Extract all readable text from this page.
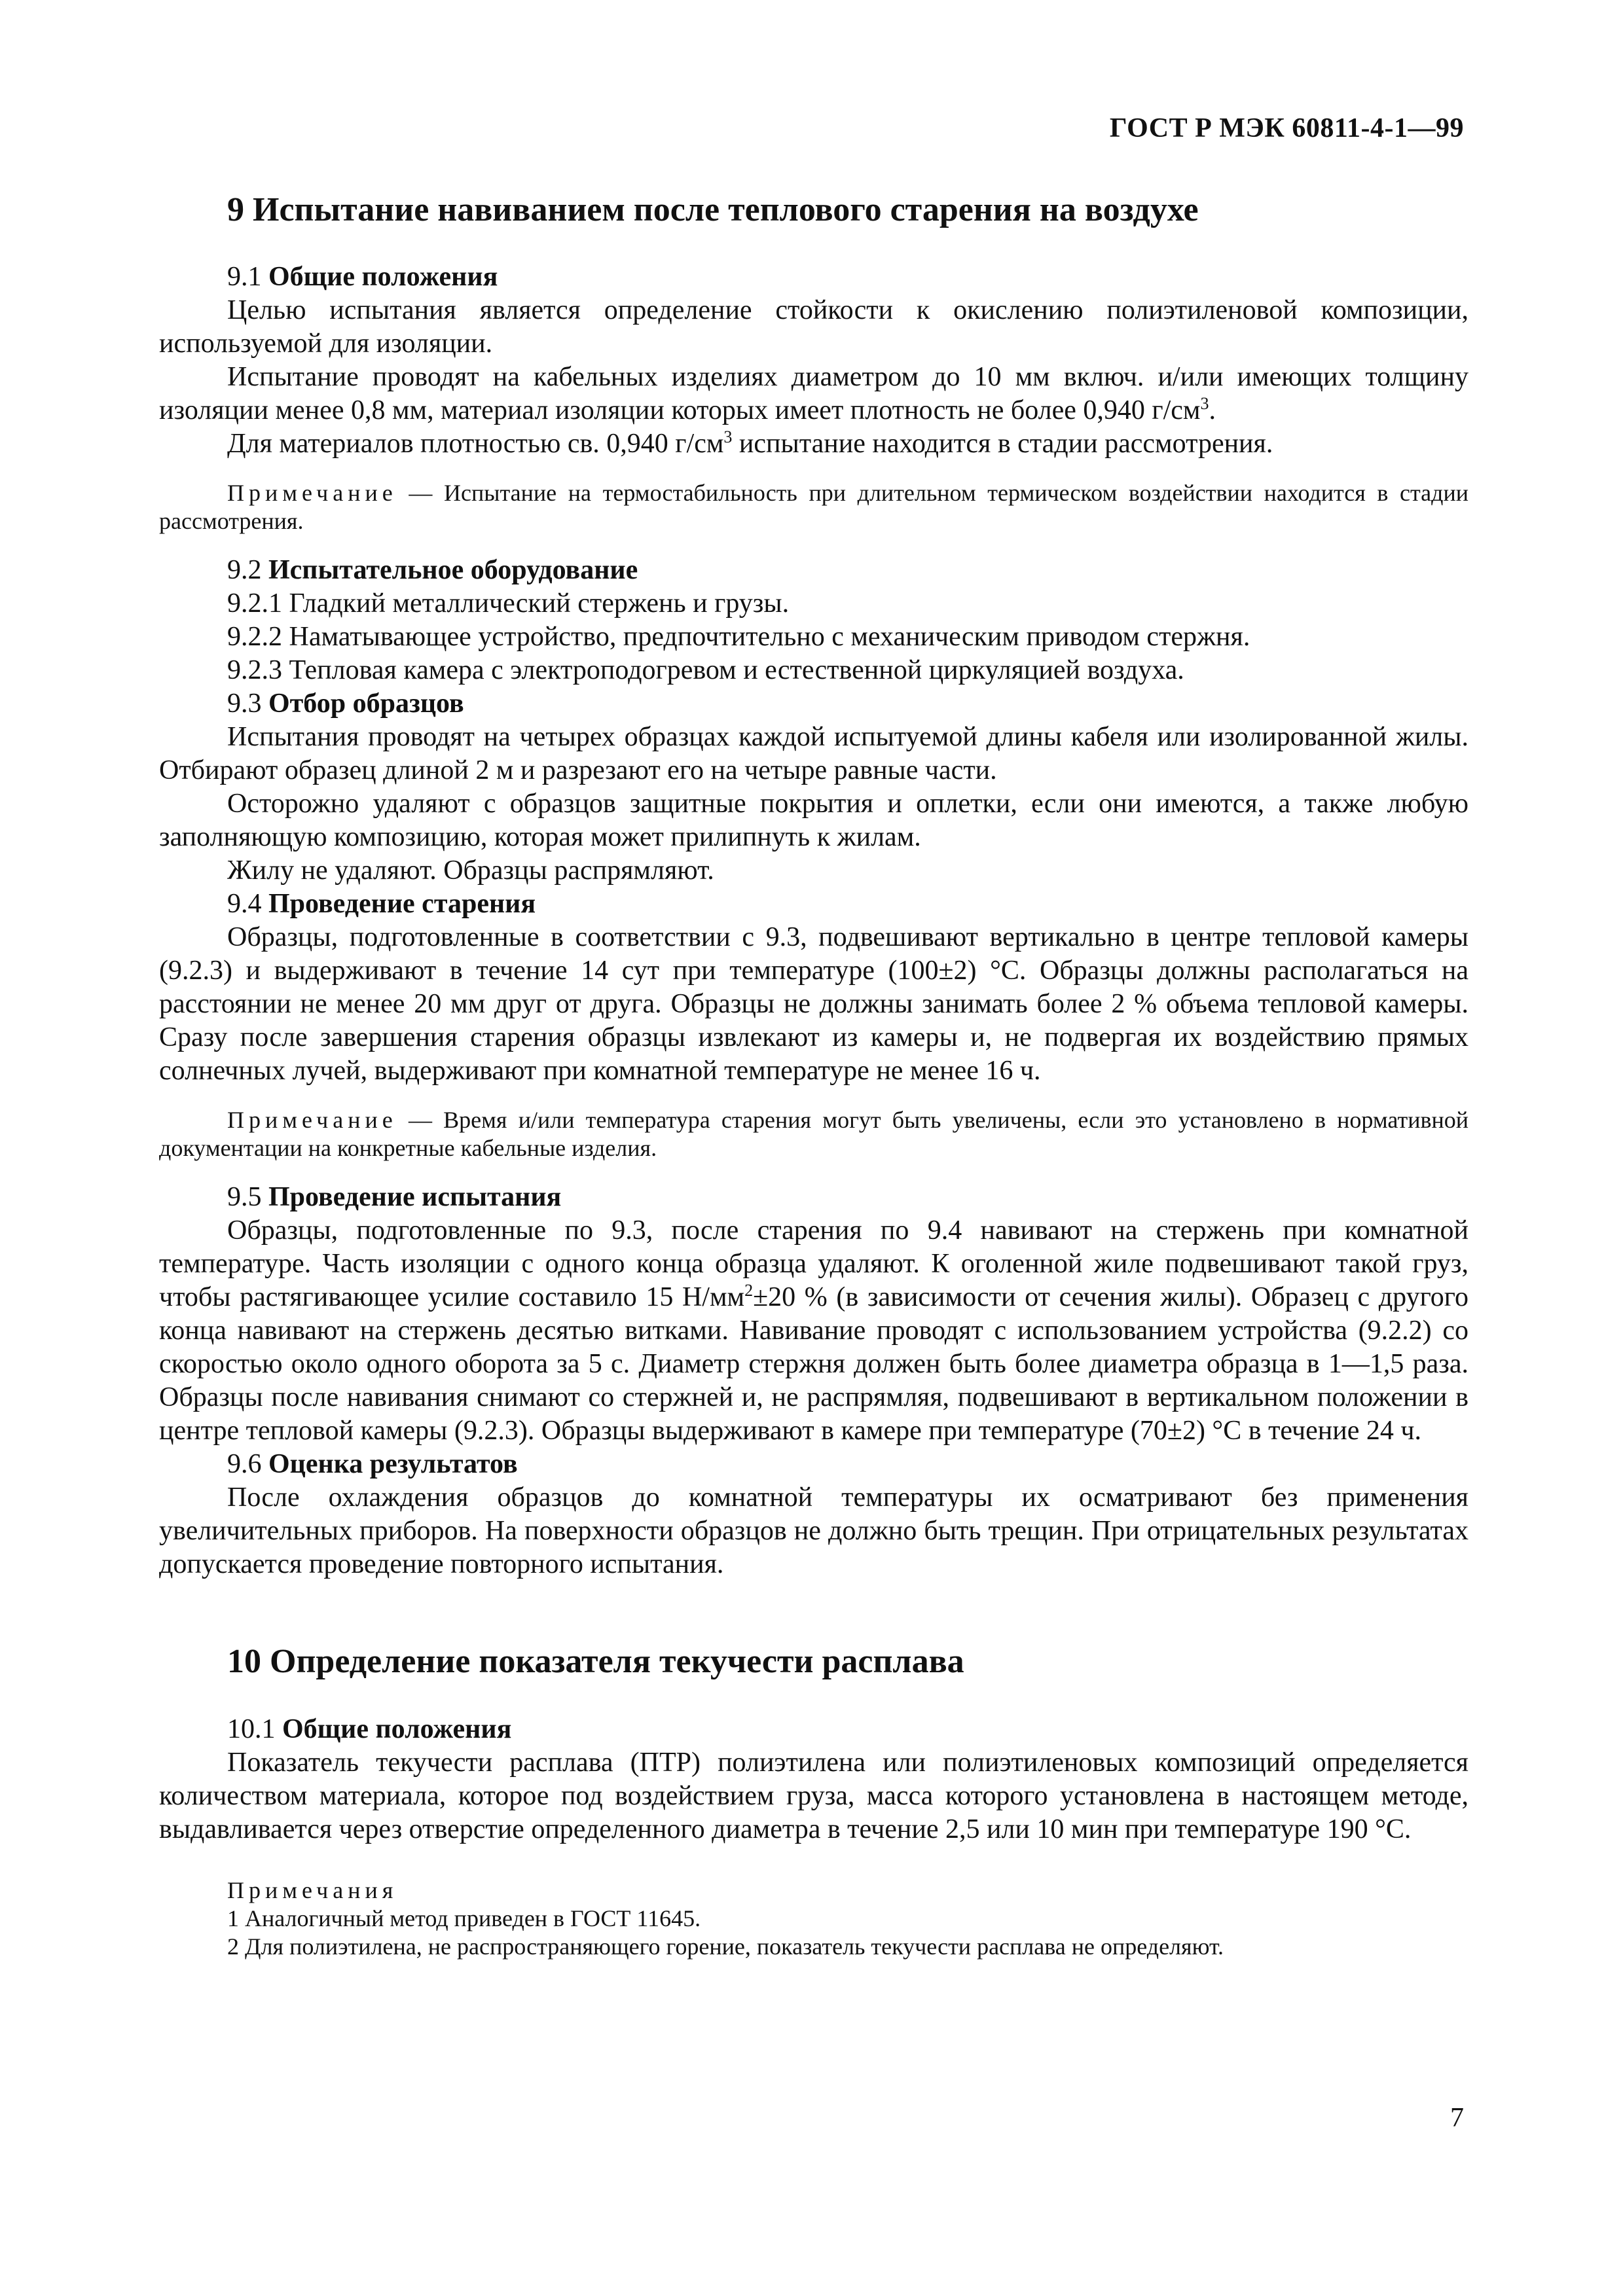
ГОСТ Р МЭК 60811-4-1—99
9 Испытание навиванием после теплового старения на воздухе
9.1 Общие положения

Целью испытания является определение стойкости к окислению полиэтиленовой композиции, используемой для изоляции.

Испытание проводят на кабельных изделиях диаметром до 10 мм включ. и/или имеющих толщину изоляции менее 0,8 мм, материал изоляции которых имеет плотность не более 0,940 $г/см^3$.

Для материалов плотностью св. 0,940 $г/см^3$ испытание находится в стадии рассмотрения.

Примечание — Испытание на термостабильность при длительном термическом воздействии находится в стадии рассмотрения.
9.2 Испытательное оборудование

9.2.1 Гладкий металлический стержень и грузы.

9.2.2 Наматывающее устройство, предпочтительно с механическим приводом стержня.

9.2.3 Тепловая камера с электроподогревом и естественной циркуляцией воздуха.

9.3 Отбор образцов

Испытания проводят на четырех образцах каждой испытуемой длины кабеля или изолированной жилы. Отбирают образец длиной 2 м и разрезают его на четыре равные части.

Осторожно удаляют с образцов защитные покрытия и оплетки, если они имеются, а также любую заполняющую композицию, которая может прилипнуть к жилам.

Жилу не удаляют. Образцы распрямляют.

9.4 Проведение старения

Образцы, подготовленные в соответствии с 9.3, подвешивают вертикально в центре тепловой камеры (9.2.3) и выдерживают в течение 14 сут при температуре (100±2) °С. Образцы должны располагаться на расстоянии не менее 20 мм друг от друга. Образцы не должны занимать более 2 % объема тепловой камеры. Сразу после завершения старения образцы извлекают из камеры и, не подвергая их воздействию прямых солнечных лучей, выдерживают при комнатной температуре не менее 16 ч.

Примечание — Время и/или температура старения могут быть увеличены, если это установлено в нормативной документации на конкретные кабельные изделия.
9.5 Проведение испытания

Образцы, подготовленные по 9.3, после старения по 9.4 навивают на стержень при комнатной температуре. Часть изоляции с одного конца образца удаляют. К оголенной жиле подвешивают такой груз, чтобы растягивающее усилие составило 15 $Н/мм^2\pm 20$ % (в зависимости от сечения жилы). Образец с другого конца навивают на стержень десятью витками. Навивание проводят с использованием устройства (9.2.2) со скоростью около одного оборота за 5 с. Диаметр стержня должен быть более диаметра образца в 1—1,5 раза. Образцы после навивания снимают со стержней и, не распрямляя, подвешивают в вертикальном положении в центре тепловой камеры (9.2.3). Образцы выдерживают в камере при температуре (70±2) °С в течение 24 ч.

9.6 Оценка результатов

После охлаждения образцов до комнатной температуры их осматривают без применения увеличительных приборов. На поверхности образцов не должно быть трещин. При отрицательных результатах допускается проведение повторного испытания.

10 Определение показателя текучести расплава
10.1 Общие положения

Показатель текучести расплава (ПТР) полиэтилена или полиэтиленовых композиций определяется количеством материала, которое под воздействием груза, масса которого установлена в настоящем методе, выдавливается через отверстие определенного диаметра в течение 2,5 или 10 мин при температуре 190 °С.

Примечания
1 Аналогичный метод приведен в ГОСТ 11645.
2 Для полиэтилена, не распространяющего горение, показатель текучести расплава не определяют.
7
